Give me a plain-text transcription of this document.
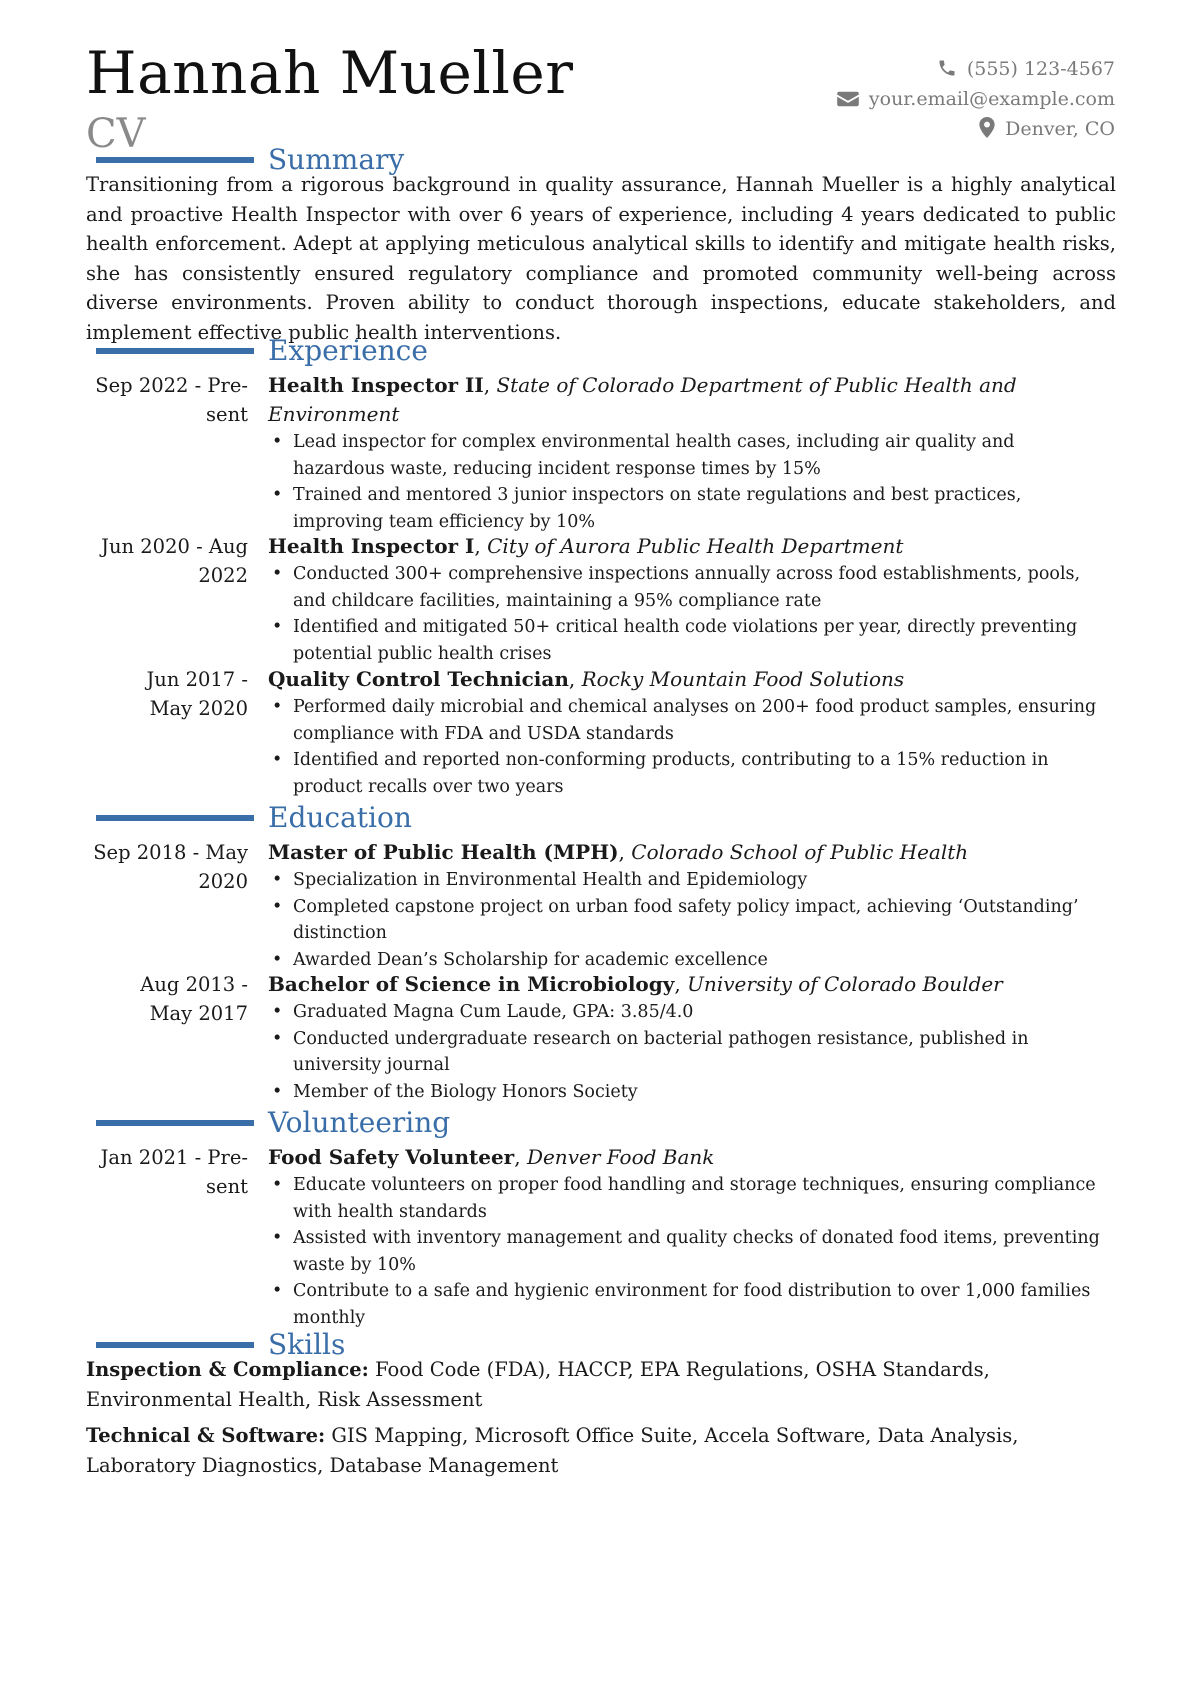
Hannah Mueller
CV
(555) 123-4567
your.email@example.com
Denver, CO
Summary
Transitioning from a rigorous background in quality assurance, Hannah Mueller is a highly analytical and proactive Health Inspector with over 6 years of experience, including 4 years dedicated to public health enforcement. Adept at applying meticulous analytical skills to identify and mitigate health risks, she has consistently ensured regulatory compliance and promoted community well-being across diverse environments. Proven ability to conduct thorough inspections, educate stakeholders, and implement effective public health interventions.
Experience
Sep 2022 - Pre-
sent
Health Inspector II, State of Colorado Department of Public Health and Environment
• Lead inspector for complex environmental health cases, including air quality and hazardous waste, reducing incident response times by 15%
• Trained and mentored 3 junior inspectors on state regulations and best practices, improving team efficiency by 10%
Jun 2020 - Aug
2022
Health Inspector I, City of Aurora Public Health Department
• Conducted 300+ comprehensive inspections annually across food establishments, pools, and childcare facilities, maintaining a 95% compliance rate
• Identified and mitigated 50+ critical health code violations per year, directly preventing potential public health crises
Jun 2017 -
May 2020
Quality Control Technician, Rocky Mountain Food Solutions
• Performed daily microbial and chemical analyses on 200+ food product samples, ensuring compliance with FDA and USDA standards
• Identified and reported non-conforming products, contributing to a 15% reduction in product recalls over two years
Education
Sep 2018 - May
2020
Master of Public Health (MPH), Colorado School of Public Health
• Specialization in Environmental Health and Epidemiology
• Completed capstone project on urban food safety policy impact, achieving ‘Outstanding’ distinction
• Awarded Dean’s Scholarship for academic excellence
Aug 2013 -
May 2017
Bachelor of Science in Microbiology, University of Colorado Boulder
• Graduated Magna Cum Laude, GPA: 3.85/4.0
• Conducted undergraduate research on bacterial pathogen resistance, published in university journal
• Member of the Biology Honors Society
Volunteering
Jan 2021 - Pre-
sent
Food Safety Volunteer, Denver Food Bank
• Educate volunteers on proper food handling and storage techniques, ensuring compliance with health standards
• Assisted with inventory management and quality checks of donated food items, preventing waste by 10%
• Contribute to a safe and hygienic environment for food distribution to over 1,000 families monthly
Skills
Inspection & Compliance: Food Code (FDA), HACCP, EPA Regulations, OSHA Standards, Environmental Health, Risk Assessment
Technical & Software: GIS Mapping, Microsoft Office Suite, Accela Software, Data Analysis, Laboratory Diagnostics, Database Management
